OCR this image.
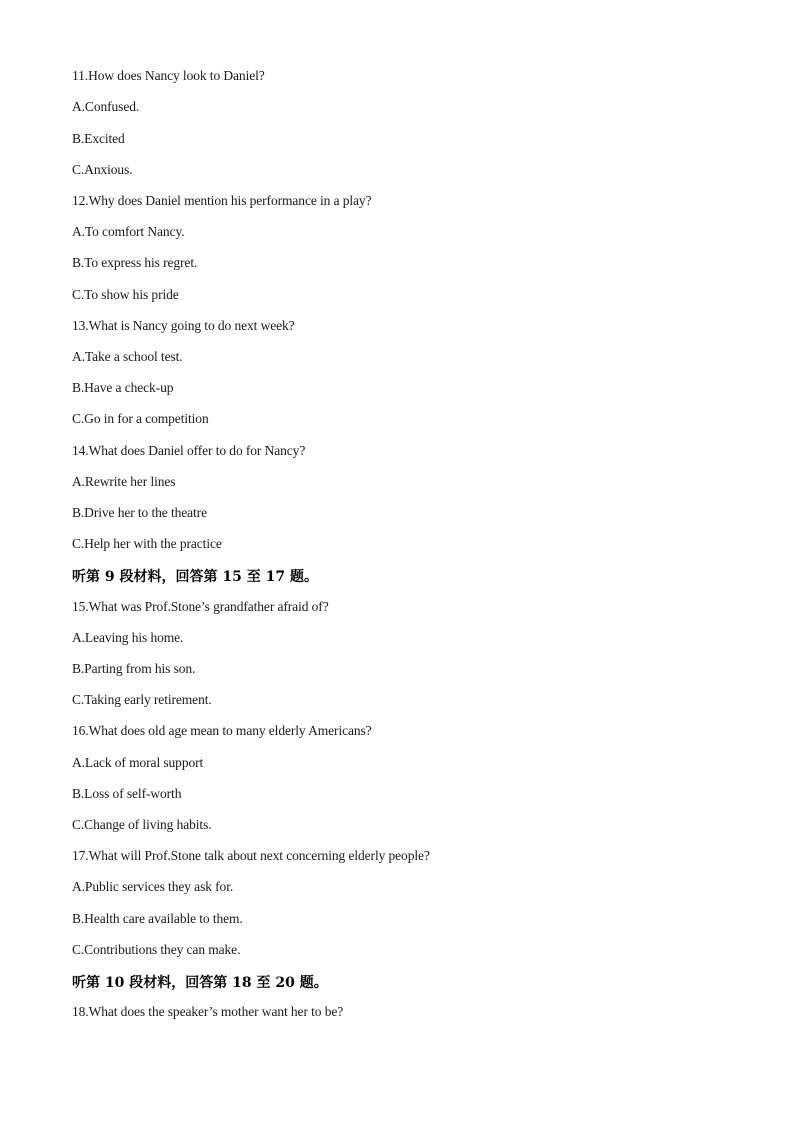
11.How does Nancy look to Daniel?
A.Confused.
B.Excited
C.Anxious.
12.Why does Daniel mention his performance in a play?
A.To comfort Nancy.
B.To express his regret.
C.To show his pride
13.What is Nancy going to do next week?
A.Take a school test.
B.Have a check-up
C.Go in for a competition
14.What does Daniel offer to do for Nancy?
A.Rewrite her lines
B.Drive her to the theatre
C.Help her with the practice
听第 9 段材料，回答第 15 至 17 题。
15.What was Prof.Stone’s grandfather afraid of?
A.Leaving his home.
B.Parting from his son.
C.Taking early retirement.
16.What does old age mean to many elderly Americans?
A.Lack of moral support
B.Loss of self-worth
C.Change of living habits.
17.What will Prof.Stone talk about next concerning elderly people?
A.Public services they ask for.
B.Health care available to them.
C.Contributions they can make.
听第 10 段材料，回答第 18 至 20 题。
18.What does the speaker’s mother want her to be?
